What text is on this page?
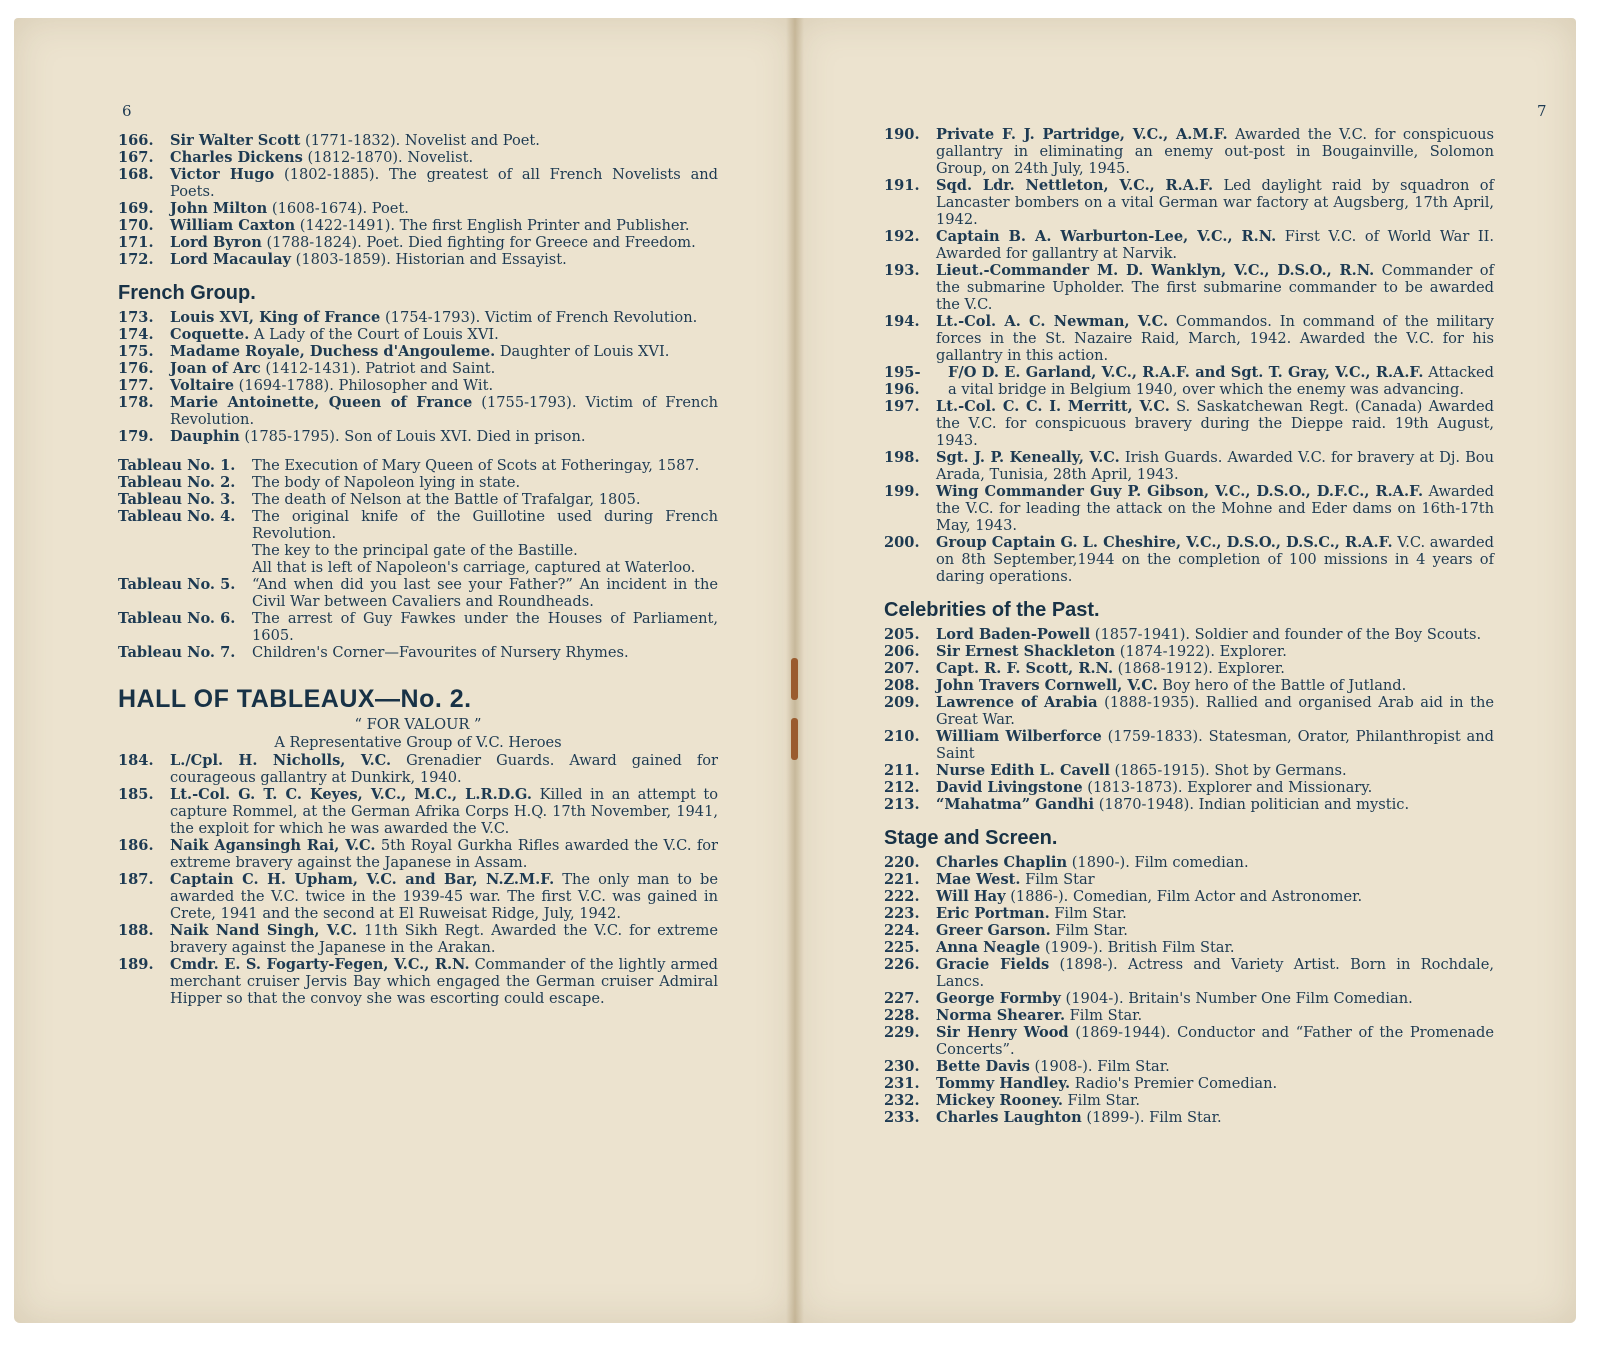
6	7
166.	Sir Walter Scott (1771-1832). Novelist and Poet.
167.	Charles Dickens (1812-1870). Novelist.
168.	Victor Hugo (1802-1885). The greatest of all French Novelists and Poets.
169.	John Milton (1608-1674). Poet.
170.	William Caxton (1422-1491). The first English Printer and Publisher.
171.	Lord Byron (1788-1824). Poet. Died fighting for Greece and Freedom.
172.	Lord Macaulay (1803-1859). Historian and Essayist.
French Group.
173.	Louis XVI, King of France (1754-1793). Victim of French Revolution.
174.	Coquette. A Lady of the Court of Louis XVI.
175.	Madame Royale, Duchess d'Angouleme. Daughter of Louis XVI.
176.	Joan of Arc (1412-1431). Patriot and Saint.
177.	Voltaire (1694-1788). Philosopher and Wit.
178.	Marie Antoinette, Queen of France (1755-1793). Victim of French Revolution.
179.	Dauphin (1785-1795). Son of Louis XVI. Died in prison.
Tableau No. 1.	The Execution of Mary Queen of Scots at Fotheringay, 1587.
Tableau No. 2.	The body of Napoleon lying in state.
Tableau No. 3.	The death of Nelson at the Battle of Trafalgar, 1805.
Tableau No. 4.	The original knife of the Guillotine used during French Revolution.
The key to the principal gate of the Bastille.
All that is left of Napoleon's carriage, captured at Waterloo.
Tableau No. 5.	“And when did you last see your Father?” An incident in the Civil War between Cavaliers and Roundheads.
Tableau No. 6.	The arrest of Guy Fawkes under the Houses of Parliament, 1605.
Tableau No. 7.	Children's Corner—Favourites of Nursery Rhymes.
HALL OF TABLEAUX—No. 2.
“ FOR VALOUR ”
A Representative Group of V.C. Heroes
184.	L./Cpl. H. Nicholls, V.C. Grenadier Guards. Award gained for courageous gallantry at Dunkirk, 1940.
185.	Lt.-Col. G. T. C. Keyes, V.C., M.C., L.R.D.G. Killed in an attempt to capture Rommel, at the German Afrika Corps H.Q. 17th November, 1941, the exploit for which he was awarded the V.C.
186.	Naik Agansingh Rai, V.C. 5th Royal Gurkha Rifles awarded the V.C. for extreme bravery against the Japanese in Assam.
187.	Captain C. H. Upham, V.C. and Bar, N.Z.M.F. The only man to be awarded the V.C. twice in the 1939-45 war. The first V.C. was gained in Crete, 1941 and the second at El Ruweisat Ridge, July, 1942.
188.	Naik Nand Singh, V.C. 11th Sikh Regt. Awarded the V.C. for extreme bravery against the Japanese in the Arakan.
189.	Cmdr. E. S. Fogarty-Fegen, V.C., R.N. Commander of the lightly armed merchant cruiser Jervis Bay which engaged the German cruiser Admiral Hipper so that the convoy she was escorting could escape.
190.	Private F. J. Partridge, V.C., A.M.F. Awarded the V.C. for conspicuous gallantry in eliminating an enemy out-post in Bougainville, Solomon Group, on 24th July, 1945.
191.	Sqd. Ldr. Nettleton, V.C., R.A.F. Led daylight raid by squadron of Lancaster bombers on a vital German war factory at Augsberg, 17th April, 1942.
192.	Captain B. A. Warburton-Lee, V.C., R.N. First V.C. of World War II. Awarded for gallantry at Narvik.
193.	Lieut.-Commander M. D. Wanklyn, V.C., D.S.O., R.N. Commander of the submarine Upholder. The first submarine commander to be awarded the V.C.
194.	Lt.-Col. A. C. Newman, V.C. Commandos. In command of the military forces in the St. Nazaire Raid, March, 1942. Awarded the V.C. for his gallantry in this action.
195-196.
F/O D. E. Garland, V.C., R.A.F. and Sgt. T. Gray, V.C., R.A.F. Attacked a vital bridge in Belgium 1940, over which the enemy was advancing.
197.	Lt.-Col. C. C. I. Merritt, V.C. S. Saskatchewan Regt. (Canada) Awarded the V.C. for conspicuous bravery during the Dieppe raid. 19th August, 1943.
198.	Sgt. J. P. Keneally, V.C. Irish Guards. Awarded V.C. for bravery at Dj. Bou Arada, Tunisia, 28th April, 1943.
199.	Wing Commander Guy P. Gibson, V.C., D.S.O., D.F.C., R.A.F. Awarded the V.C. for leading the attack on the Mohne and Eder dams on 16th-17th May, 1943.
200.	Group Captain G. L. Cheshire, V.C., D.S.O., D.S.C., R.A.F. V.C. awarded on 8th September,1944 on the completion of 100 missions in 4 years of daring operations.
Celebrities of the Past.
205.	Lord Baden-Powell (1857-1941). Soldier and founder of the Boy Scouts.
206.	Sir Ernest Shackleton (1874-1922). Explorer.
207.	Capt. R. F. Scott, R.N. (1868-1912). Explorer.
208.	John Travers Cornwell, V.C. Boy hero of the Battle of Jutland.
209.	Lawrence of Arabia (1888-1935). Rallied and organised Arab aid in the Great War.
210.	William Wilberforce (1759-1833). Statesman, Orator, Philanthropist and Saint
211.	Nurse Edith L. Cavell (1865-1915). Shot by Germans.
212.	David Livingstone (1813-1873). Explorer and Missionary.
213.	“Mahatma” Gandhi (1870-1948). Indian politician and mystic.
Stage and Screen.
220.	Charles Chaplin (1890-). Film comedian.
221.	Mae West. Film Star
222.	Will Hay (1886-). Comedian, Film Actor and Astronomer.
223.	Eric Portman. Film Star.
224.	Greer Garson. Film Star.
225.	Anna Neagle (1909-). British Film Star.
226.	Gracie Fields (1898-). Actress and Variety Artist. Born in Rochdale, Lancs.
227.	George Formby (1904-). Britain's Number One Film Comedian.
228.	Norma Shearer. Film Star.
229.	Sir Henry Wood (1869-1944). Conductor and “Father of the Promenade Concerts”.
230.	Bette Davis (1908-). Film Star.
231.	Tommy Handley. Radio's Premier Comedian.
232.	Mickey Rooney. Film Star.
233.	Charles Laughton (1899-). Film Star.
